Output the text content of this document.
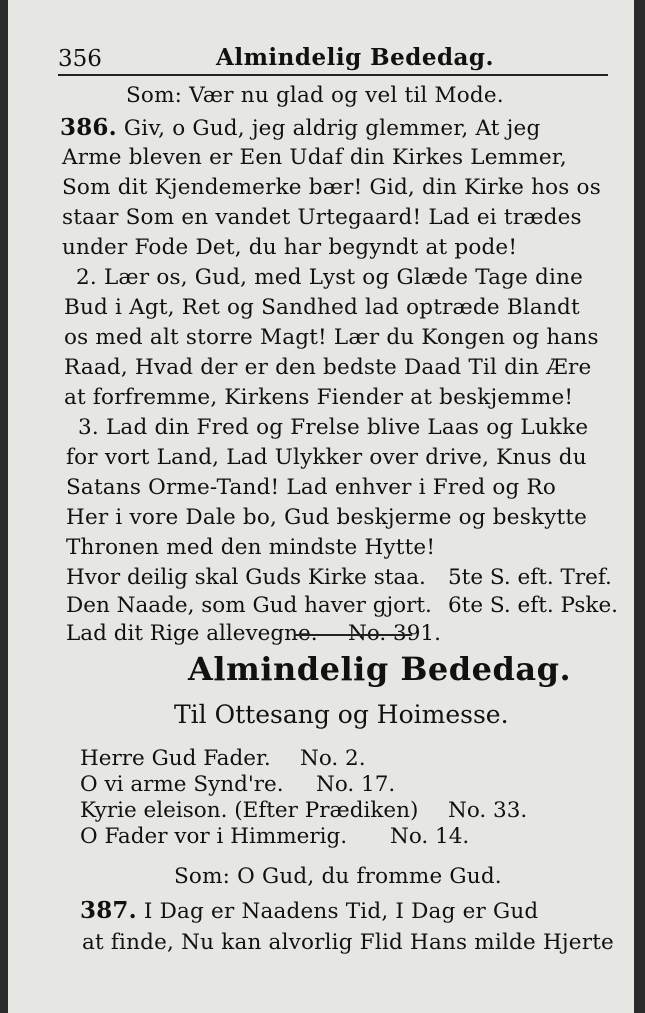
356	Almindelig Bededag.
Som: Vær nu glad og vel til Mode.
386. Giv, o Gud, jeg aldrig glemmer, At jeg
Arme bleven er Een Udaf din Kirkes Lemmer,
Som dit Kjendemerke bær! Gid, din Kirke hos os
staar Som en vandet Urtegaard! Lad ei trædes
under Fode Det, du har begyndt at pode!
2. Lær os, Gud, med Lyst og Glæde Tage dine
Bud i Agt, Ret og Sandhed lad optræde Blandt
os med alt storre Magt! Lær du Kongen og hans
Raad, Hvad der er den bedste Daad Til din Ære
at forfremme, Kirkens Fiender at beskjemme!
3. Lad din Fred og Frelse blive Laas og Lukke
for vort Land, Lad Ulykker over drive, Knus du
Satans Orme-Tand! Lad enhver i Fred og Ro
Her i vore Dale bo, Gud beskjerme og beskytte
Thronen med den mindste Hytte!
Hvor deilig skal Guds Kirke staa. 5te S. eft. Tref.
Den Naade, som Gud haver gjort. 6te S. eft. Pske.
Lad dit Rige allevegne. No. 391.
Almindelig Bededag.
Til Ottesang og Hoimesse.
Herre Gud Fader. No. 2.
O vi arme Synd're. No. 17.
Kyrie eleison. (Efter Prædiken) No. 33.
O Fader vor i Himmerig. No. 14.
Som: O Gud, du fromme Gud.
387. I Dag er Naadens Tid, I Dag er Gud
at finde, Nu kan alvorlig Flid Hans milde Hjerte
